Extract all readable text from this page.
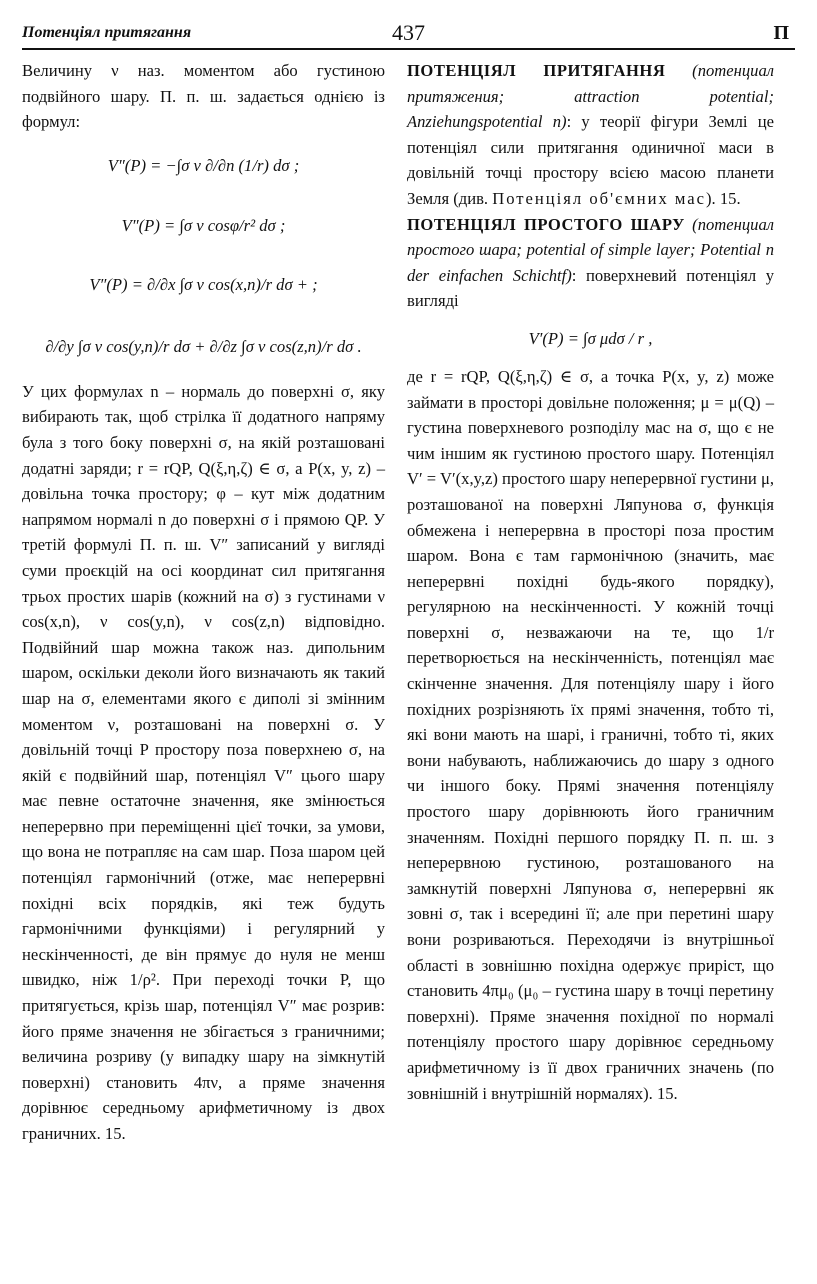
Потенціял притягання	437	П

Величину ν наз. моментом або густиною подвійного шару. П. п. ш. задається однією із формул:

V″(P) = −∫σ ν ∂/∂n (1/r) dσ ;
V″(P) = ∫σ ν cosφ/r² dσ ;
V″(P) = ∂/∂x ∫σ ν cos(x,n)/r dσ + ;
∂/∂y ∫σ ν cos(y,n)/r dσ + ∂/∂z ∫σ ν cos(z,n)/r dσ .

У цих формулах n – нормаль до поверхні σ, яку вибирають так, щоб стрілка її додатного напряму була з того боку поверхні σ, на якій розташовані додатні заряди; r = rQP, Q(ξ,η,ζ) ∈ σ, а P(x, y, z) – довільна точка простору; φ – кут між додатним напрямом нормалі n до поверхні σ і прямою QP. У третій формулі П. п. ш. V″ записаний у вигляді суми проєкцій на осі координат сил притягання трьох простих шарів (кожний на σ) з густинами ν cos(x,n), ν cos(y,n), ν cos(z,n) відповідно. Подвійний шар можна також наз. дипольним шаром, оскільки деколи його визначають як такий шар на σ, елементами якого є диполі зі змінним моментом ν, розташовані на поверхні σ. У довільній точці P простору поза поверхнею σ, на якій є подвійний шар, потенціял V″ цього шару має певне остаточне значення, яке змінюється неперервно при переміщенні цієї точки, за умови, що вона не потрапляє на сам шар. Поза шаром цей потенціял гармонічний (отже, має неперервні похідні всіх порядків, які теж будуть гармонічними функціями) і регулярний у нескінченності, де він прямує до нуля не менш швидко, ніж 1/ρ². При переході точки P, що притягується, крізь шар, потенціял V″ має розрив: його пряме значення не збігається з граничними; величина розриву (у випадку шару на зімкнутій поверхні) становить 4πν, а пряме значення дорівнює середньому арифметичному із двох граничних. 15.

ПОТЕНЦІЯЛ ПРИТЯГАННЯ (потенциал притяжения; attraction potential; Anziehungspotential n): у теорії фігури Землі це потенціял сили притягання одиничної маси в довільній точці простору всією масою планети Земля (див. Потенціял об'ємних мас). 15.

ПОТЕНЦІЯЛ ПРОСТОГО ШАРУ (потенциал простого шара; potential of simple layer; Potential n der einfachen Schichtf): поверхневий потенціял у вигляді

V′(P) = ∫σ μdσ / r ,

де r = rQP, Q(ξ,η,ζ) ∈ σ, а точка P(x, y, z) може займати в просторі довільне положення; μ = μ(Q) – густина поверхневого розподілу мас на σ, що є не чим іншим як густиною простого шару. Потенціял V′ = V′(x,y,z) простого шару неперервної густини μ, розташованої на поверхні Ляпунова σ, функція обмежена і неперервна в просторі поза простим шаром. Вона є там гармонічною (значить, має неперервні похідні будь-якого порядку), регулярною на нескінченності. У кожній точці поверхні σ, незважаючи на те, що 1/r перетворюється на нескінченність, потенціял має скінченне значення. Для потенціялу шару і його похідних розрізняють їх прямі значення, тобто ті, які вони мають на шарі, і граничні, тобто ті, яких вони набувають, наближаючись до шару з одного чи іншого боку. Прямі значення потенціялу простого шару дорівнюють його граничним значенням. Похідні першого порядку П. п. ш. з неперервною густиною, розташованого на замкнутій поверхні Ляпунова σ, неперервні як зовні σ, так і всередині її; але при перетині шару вони розриваються. Переходячи із внутрішньої області в зовнішню похідна одержує приріст, що становить 4πμ₀ (μ₀ – густина шару в точці перетину поверхні). Пряме значення похідної по нормалі потенціялу простого шару дорівнює середньому арифметичному із її двох граничних значень (по зовнішній і внутрішній нормалях). 15.
